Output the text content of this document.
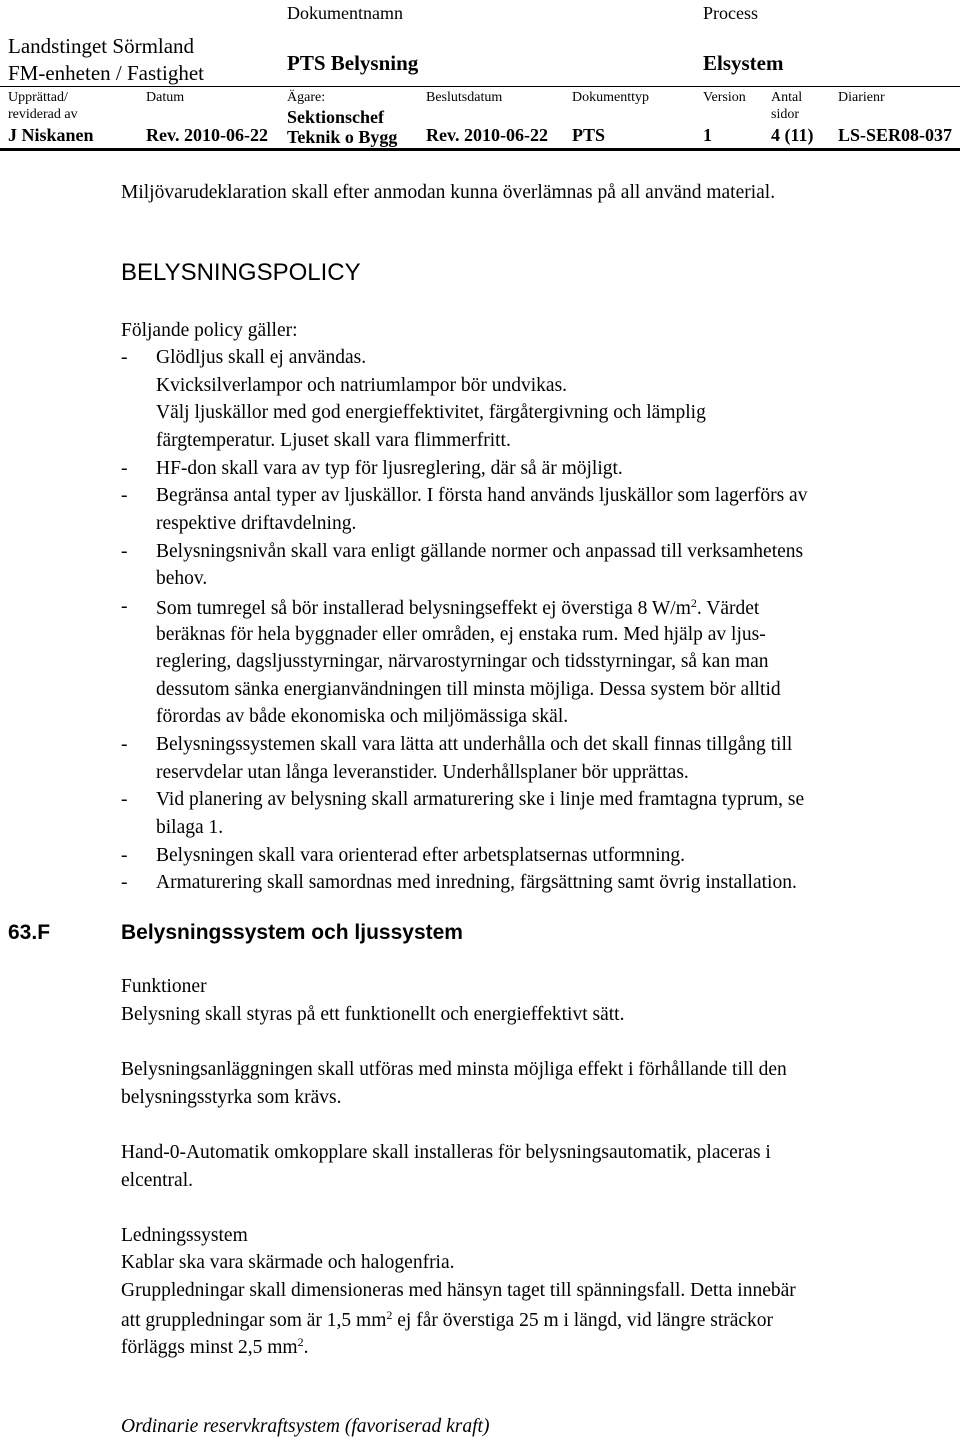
Landstinget Sörmland
FM-enheten / Fastighet
Dokumentnamn
PTS Belysning
Process
Elsystem
Upprättad/
reviderad av
J Niskanen
Datum
Rev. 2010-06-22
Ägare:
Sektionschef
Teknik o Bygg
Beslutsdatum
Rev. 2010-06-22
Dokumenttyp
PTS
Version
1
Antal
sidor
4 (11)
Diarienr
LS-SER08-037
Miljövarudeklaration skall efter anmodan kunna överlämnas på all använd material.
BELYSNINGSPOLICY
Följande policy gäller:
- Glödljus skall ej användas.
Kvicksilverlampor och natriumlampor bör undvikas.
Välj ljuskällor med god energieffektivitet, färgåtergivning och lämplig
färgtemperatur. Ljuset skall vara flimmerfritt.
- HF-don skall vara av typ för ljusreglering, där så är möjligt.
- Begränsa antal typer av ljuskällor. I första hand används ljuskällor som lagerförs av
respektive driftavdelning.
- Belysningsnivån skall vara enligt gällande normer och anpassad till verksamhetens
behov.
- Som tumregel så bör installerad belysningseffekt ej överstiga 8 $W/m^2$. Värdet
beräknas för hela byggnader eller områden, ej enstaka rum. Med hjälp av ljus-
reglering, dagsljusstyrningar, närvarostyrningar och tidsstyrningar, så kan man
dessutom sänka energianvändningen till minsta möjliga. Dessa system bör alltid
förordas av både ekonomiska och miljömässiga skäl.
- Belysningssystemen skall vara lätta att underhålla och det skall finnas tillgång till
reservdelar utan långa leveranstider. Underhållsplaner bör upprättas.
- Vid planering av belysning skall armaturering ske i linje med framtagna typrum, se
bilaga 1.
- Belysningen skall vara orienterad efter arbetsplatsernas utformning.
- Armaturering skall samordnas med inredning, färgsättning samt övrig installation.
63.F	Belysningssystem och ljussystem
Funktioner
Belysning skall styras på ett funktionellt och energieffektivt sätt.
Belysningsanläggningen skall utföras med minsta möjliga effekt i förhållande till den
belysningsstyrka som krävs.
Hand-0-Automatik omkopplare skall installeras för belysningsautomatik, placeras i
elcentral.
Ledningssystem
Kablar ska vara skärmade och halogenfria.
Gruppledningar skall dimensioneras med hänsyn taget till spänningsfall. Detta innebär
att gruppledningar som är 1,5 $mm^2$ ej får överstiga 25 m i längd, vid längre sträckor
förläggs minst 2,5 $mm^2$.
Ordinarie reservkraftsystem (favoriserad kraft)
